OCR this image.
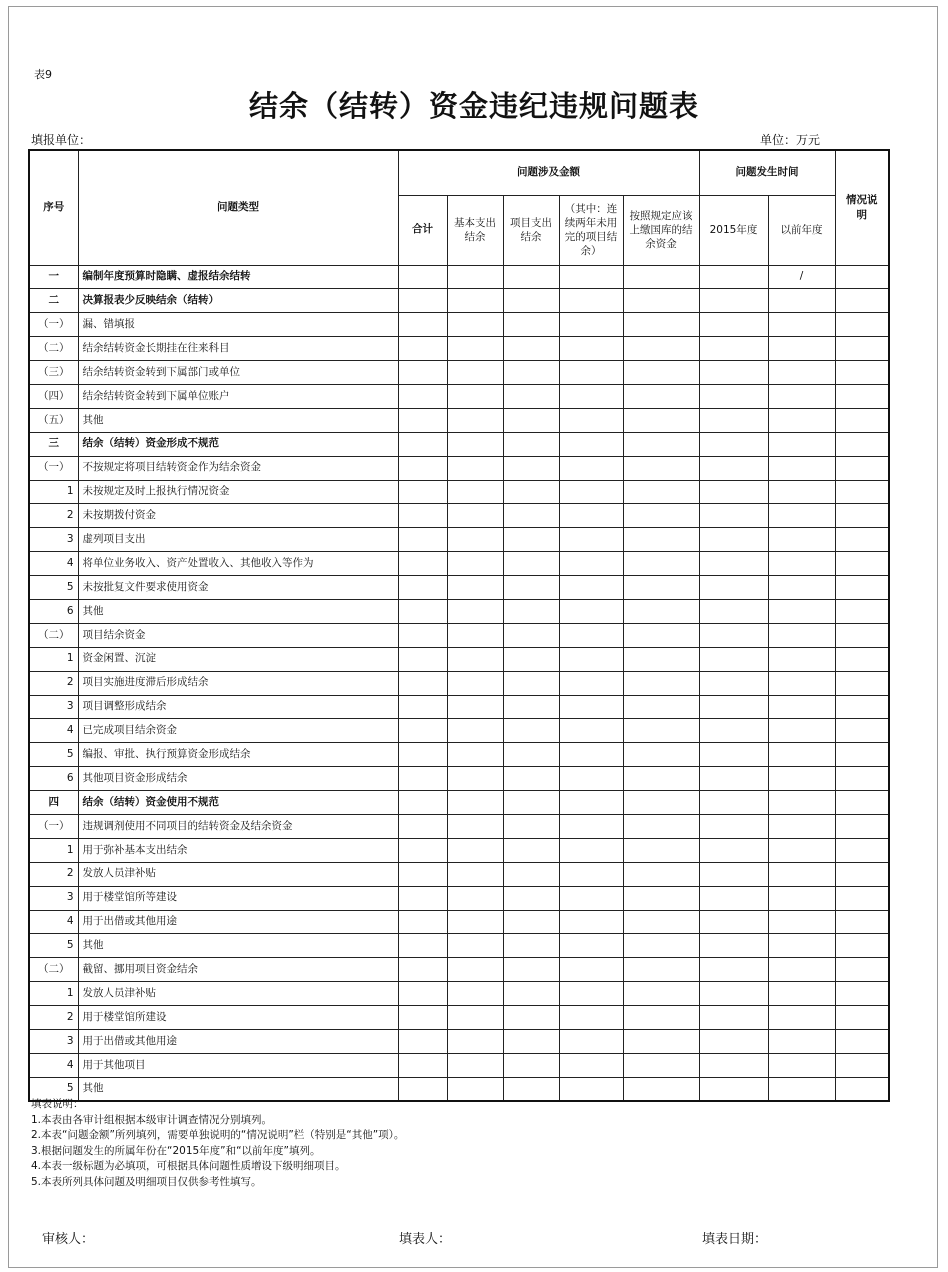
表9
结余（结转）资金违纪违规问题表
填报单位：	单位：万元
序号	问题类型	问题涉及金额					问题发生时间		情况说明
		合计	基本支出结余	项目支出结余	（其中：连续两年未用完的项目结余）	按照规定应该上缴国库的结余资金	2015年度	以前年度	
一	编制年度预算时隐瞒、虚报结余结转							/	
二	决算报表少反映结余（结转）								
（一）	漏、错填报								
（二）	结余结转资金长期挂在往来科目								
（三）	结余结转资金转到下属部门或单位								
（四）	结余结转资金转到下属单位账户								
（五）	其他								
三	结余（结转）资金形成不规范								
（一）	不按规定将项目结转资金作为结余资金								
1	未按规定及时上报执行情况资金								
2	未按期拨付资金								
3	虚列项目支出								
4	将单位业务收入、资产处置收入、其他收入等作为								
5	未按批复文件要求使用资金								
6	其他								
（二）	项目结余资金								
1	资金闲置、沉淀								
2	项目实施进度滞后形成结余								
3	项目调整形成结余								
4	已完成项目结余资金								
5	编报、审批、执行预算资金形成结余								
6	其他项目资金形成结余								
四	结余（结转）资金使用不规范								
（一）	违规调剂使用不同项目的结转资金及结余资金								
1	用于弥补基本支出结余								
2	发放人员津补贴								
3	用于楼堂馆所等建设								
4	用于出借或其他用途								
5	其他								
（二）	截留、挪用项目资金结余								
1	发放人员津补贴								
2	用于楼堂馆所建设								
3	用于出借或其他用途								
4	用于其他项目								
5	其他								
填表说明：
1.本表由各审计组根据本级审计调查情况分别填列。
2.本表“问题金额”所列填列，需要单独说明的“情况说明”栏（特别是“其他”项）。
3.根据问题发生的所属年份在“2015年度”和“以前年度”填列。
4.本表一级标题为必填项，可根据具体问题性质增设下级明细项目。
5.本表所列具体问题及明细项目仅供参考性填写。
审核人：	填表人：	填表日期：
